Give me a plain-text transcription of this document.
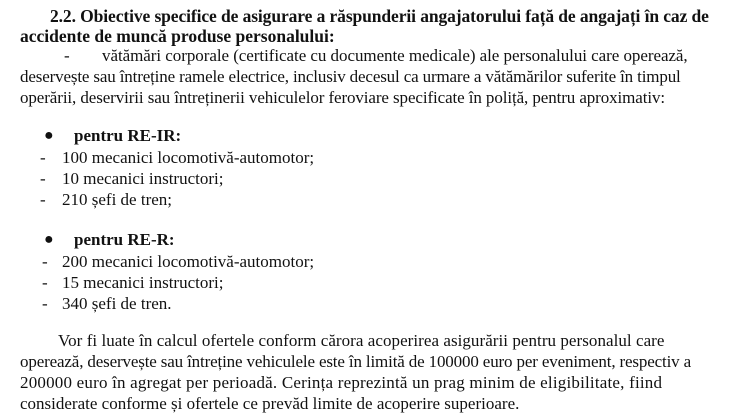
2.2. Obiective specifice de asigurare a răspunderii angajatorului față de angajați în caz de
accidente de muncă produse personalului:
- vătămări corporale (certificate cu documente medicale) ale personalului care operează,
deservește sau întreține ramele electrice, inclusiv decesul ca urmare a vătămărilor suferite în timpul
operării, deservirii sau întreținerii vehiculelor feroviare specificate în poliță, pentru aproximativ:
● pentru RE-IR:
- 100 mecanici locomotivă-automotor;
- 10 mecanici instructori;
- 210 șefi de tren;
● pentru RE-R:
- 200 mecanici locomotivă-automotor;
- 15 mecanici instructori;
- 340 șefi de tren.
Vor fi luate în calcul ofertele conform cărora acoperirea asigurării pentru personalul care
operează, deservește sau întreține vehiculele este în limită de 100000 euro per eveniment, respectiv a
200000 euro în agregat per perioadă. Cerința reprezintă un prag minim de eligibilitate, fiind
considerate conforme și ofertele ce prevăd limite de acoperire superioare.
